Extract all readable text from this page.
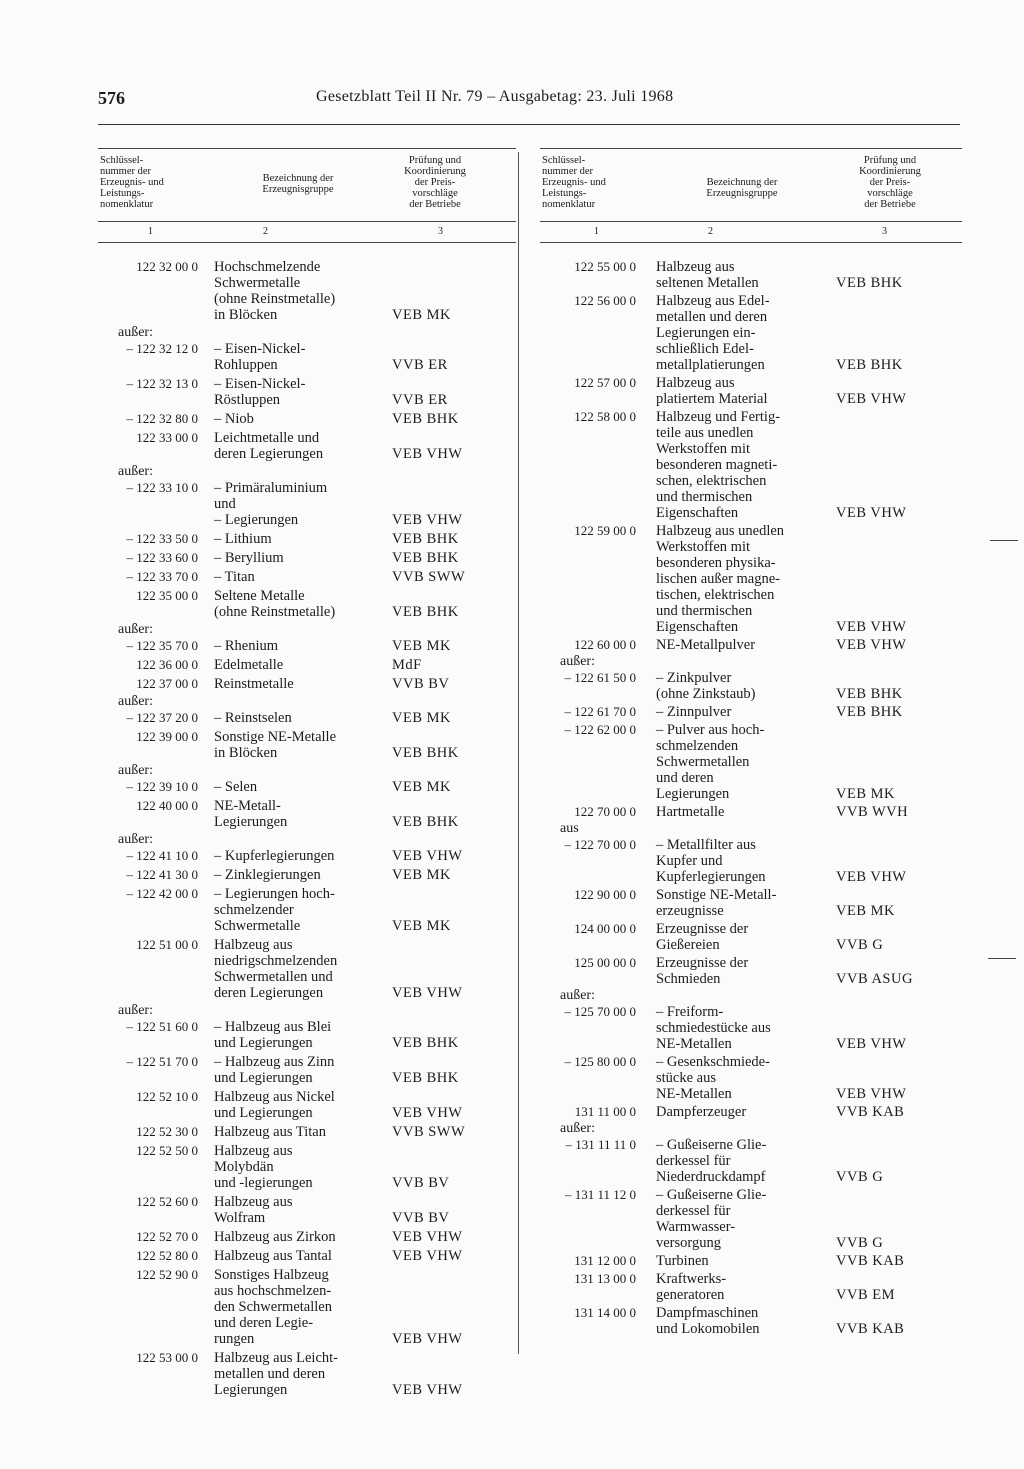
576	Gesetzblatt Teil II Nr. 79 – Ausgabetag: 23. Juli 1968
Schlüssel-
nummer der
Erzeugnis- und
Leistungs-
nomenklatur
Bezeichnung der
Erzeugnisgruppe
Prüfung und
Koordinierung
der Preis-
vorschläge
der Betriebe
1	2	3
122 32 00 0 Hochschmelzende
Schwermetalle
(ohne Reinstmetalle)
in Blöcken	VEB MK
außer:
– 122 32 12 0 – Eisen-Nickel-
Rohluppen	VVB ER
– 122 32 13 0 – Eisen-Nickel-
Röstluppen	VVB ER
– 122 32 80 0 – Niob	VEB BHK
122 33 00 0 Leichtmetalle und
deren Legierungen	VEB VHW
außer:
– 122 33 10 0 – Primäraluminium
und
– Legierungen	VEB VHW
– 122 33 50 0 – Lithium	VEB BHK
– 122 33 60 0 – Beryllium	VEB BHK
– 122 33 70 0 – Titan	VVB SWW
122 35 00 0 Seltene Metalle
(ohne Reinstmetalle)	VEB BHK
außer:
– 122 35 70 0 – Rhenium	VEB MK
122 36 00 0 Edelmetalle	MdF
122 37 00 0 Reinstmetalle	VVB BV
außer:
– 122 37 20 0 – Reinstselen	VEB MK
122 39 00 0 Sonstige NE-Metalle
in Blöcken	VEB BHK
außer:
– 122 39 10 0 – Selen	VEB MK
122 40 00 0 NE-Metall-
Legierungen	VEB BHK
außer:
– 122 41 10 0 – Kupferlegierungen	VEB VHW
– 122 41 30 0 – Zinklegierungen	VEB MK
– 122 42 00 0 – Legierungen hoch-
schmelzender
Schwermetalle	VEB MK
122 51 00 0 Halbzeug aus
niedrigschmelzenden
Schwermetallen und
deren Legierungen	VEB VHW
außer:
– 122 51 60 0 – Halbzeug aus Blei
und Legierungen	VEB BHK
– 122 51 70 0 – Halbzeug aus Zinn
und Legierungen	VEB BHK
122 52 10 0 Halbzeug aus Nickel
und Legierungen	VEB VHW
122 52 30 0 Halbzeug aus Titan	VVB SWW
122 52 50 0 Halbzeug aus
Molybdän
und -legierungen	VVB BV
122 52 60 0 Halbzeug aus
Wolfram	VVB BV
122 52 70 0 Halbzeug aus Zirkon	VEB VHW
122 52 80 0 Halbzeug aus Tantal	VEB VHW
122 52 90 0 Sonstiges Halbzeug
aus hochschmelzen-
den Schwermetallen
und deren Legie-
rungen	VEB VHW
122 53 00 0 Halbzeug aus Leicht-
metallen und deren
Legierungen	VEB VHW
Schlüssel-
nummer der
Erzeugnis- und
Leistungs-
nomenklatur
Bezeichnung der
Erzeugnisgruppe
Prüfung und
Koordinierung
der Preis-
vorschläge
der Betriebe
1	2	3
122 55 00 0 Halbzeug aus
seltenen Metallen	VEB BHK
122 56 00 0 Halbzeug aus Edel-
metallen und deren
Legierungen ein-
schließlich Edel-
metallplatierungen	VEB BHK
122 57 00 0 Halbzeug aus
platiertem Material	VEB VHW
122 58 00 0 Halbzeug und Fertig-
teile aus unedlen
Werkstoffen mit
besonderen magneti-
schen, elektrischen
und thermischen
Eigenschaften	VEB VHW
122 59 00 0 Halbzeug aus unedlen
Werkstoffen mit
besonderen physika-
lischen außer magne-
tischen, elektrischen
und thermischen
Eigenschaften	VEB VHW
122 60 00 0 NE-Metallpulver	VEB VHW
außer:
– 122 61 50 0 – Zinkpulver
(ohne Zinkstaub)	VEB BHK
– 122 61 70 0 – Zinnpulver	VEB BHK
– 122 62 00 0 – Pulver aus hoch-
schmelzenden
Schwermetallen
und deren
Legierungen	VEB MK
122 70 00 0 Hartmetalle	VVB WVH
aus
– 122 70 00 0 – Metallfilter aus
Kupfer und
Kupferlegierungen	VEB VHW
122 90 00 0 Sonstige NE-Metall-
erzeugnisse	VEB MK
124 00 00 0 Erzeugnisse der
Gießereien	VVB G
125 00 00 0 Erzeugnisse der
Schmieden	VVB ASUG
außer:
– 125 70 00 0 – Freiform-
schmiedestücke aus
NE-Metallen	VEB VHW
– 125 80 00 0 – Gesenkschmiede-
stücke aus
NE-Metallen	VEB VHW
131 11 00 0 Dampferzeuger	VVB KAB
außer:
– 131 11 11 0 – Gußeiserne Glie-
derkessel für
Niederdruckdampf	VVB G
– 131 11 12 0 – Gußeiserne Glie-
derkessel für
Warmwasser-
versorgung	VVB G
131 12 00 0 Turbinen	VVB KAB
131 13 00 0 Kraftwerks-
generatoren	VVB EM
131 14 00 0 Dampfmaschinen
und Lokomobilen	VVB KAB
